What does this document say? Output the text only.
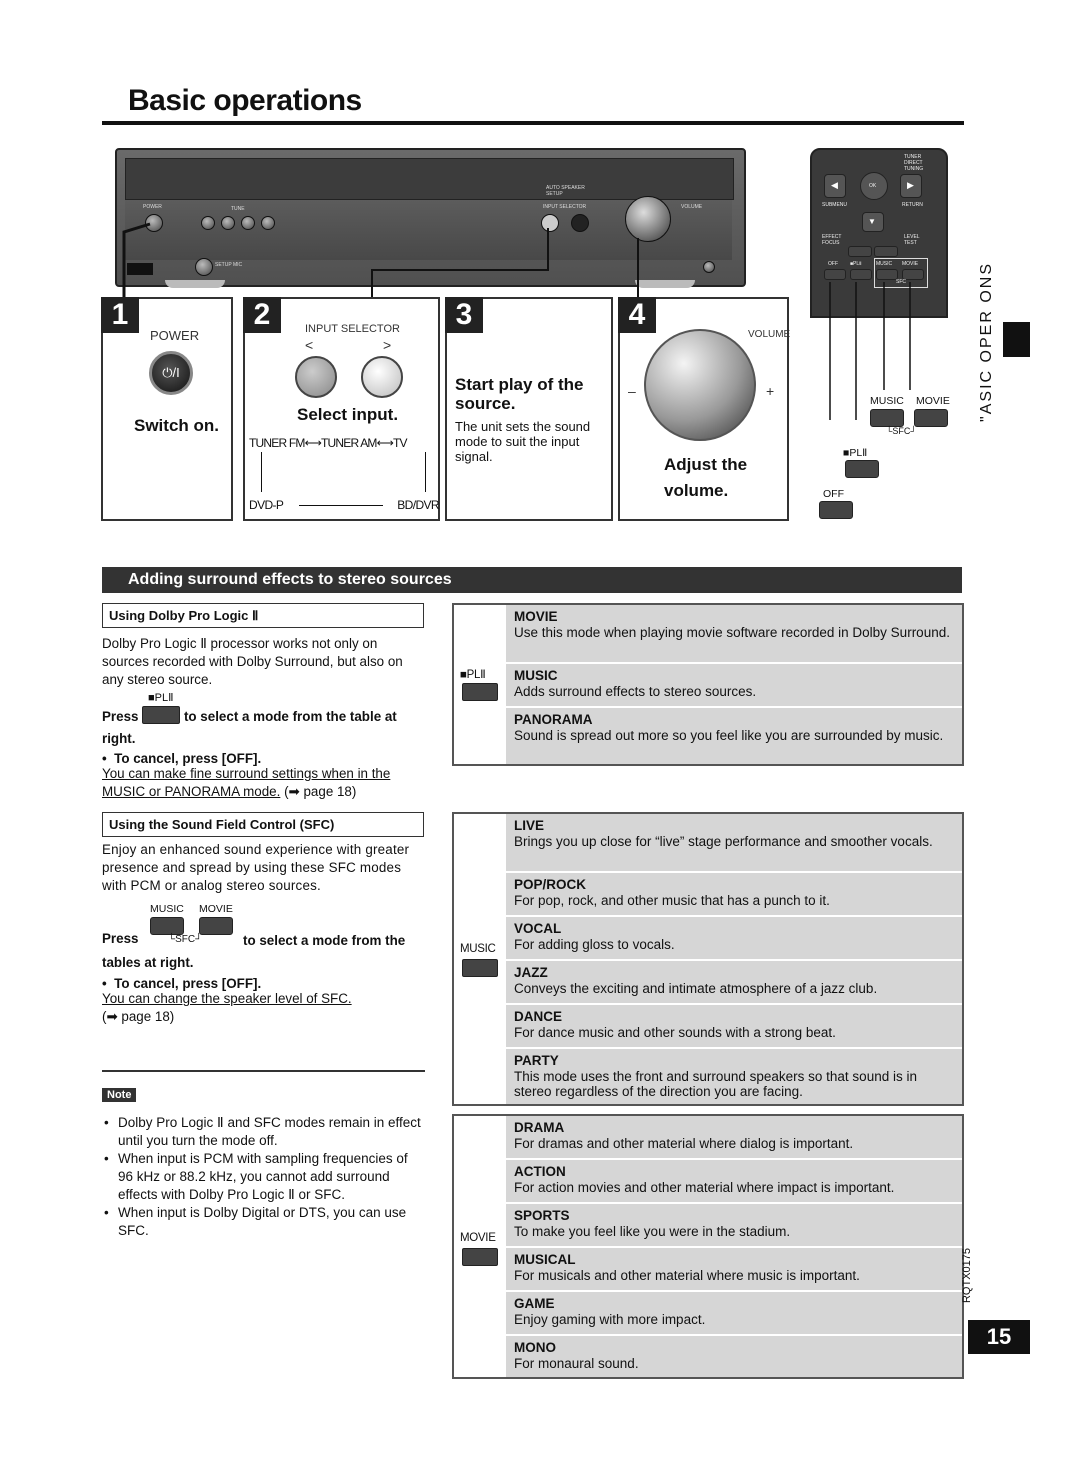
Basic operations
AUTO SPEAKER SETUP
POWER	TUNE	INPUT SELECTOR	VOLUME
SETUP MIC
1
POWER
⏻/I
Switch on.
2	INPUT SELECTOR
<	>
Select input.
TUNER FM⟷TUNER AM⟷TV
DVD-P	BD/DVR
3
Start play of the source.
The unit sets the sound mode to suit the input signal.
4
VOLUME
–	+
Adjust the
volume.
TUNER DIRECT TUNING
◀	OK	▶
SUBMENU	RETURN
▼
EFFECT FOCUS
LEVEL TEST
OFF ■PLⅡ	MUSIC MOVIE
SFC
MUSIC MOVIE
└SFC┘
■PLⅡ
OFF
"ASIC OPER ONS
Adding surround effects to stereo sources
Using Dolby Pro Logic Ⅱ
Dolby Pro Logic Ⅱ processor works not only on sources recorded with Dolby Surround, but also on any stereo source.
■PLⅡ
Press	to select a mode from the table at right.
•  To cancel, press [OFF].
You can make fine surround settings when in the MUSIC or PANORAMA mode. (➡ page 18)
Using the Sound Field Control (SFC)
Enjoy an enhanced sound experience with greater presence and spread by using these SFC modes with PCM or analog stereo sources.
MUSIC MOVIE
└SFC┘
Press	to select a mode from the tables at right.
•  To cancel, press [OFF].
You can change the speaker level of SFC.
(➡ page 18)
Note
• Dolby Pro Logic Ⅱ and SFC modes remain in effect until you turn the mode off.
• When input is PCM with sampling frequencies of 96 kHz or 88.2 kHz, you cannot add surround effects with Dolby Pro Logic Ⅱ or SFC.
• When input is Dolby Digital or DTS, you can use SFC.
■PLⅡ
MOVIE
Use this mode when playing movie software recorded in Dolby Surround.
MUSIC
Adds surround effects to stereo sources.
PANORAMA
Sound is spread out more so you feel like you are surrounded by music.
MUSIC
LIVE
Brings you up close for “live” stage performance and smoother vocals.
POP/ROCK
For pop, rock, and other music that has a punch to it.
VOCAL
For adding gloss to vocals.
JAZZ
Conveys the exciting and intimate atmosphere of a jazz club.
DANCE
For dance music and other sounds with a strong beat.
PARTY
This mode uses the front and surround speakers so that sound is in stereo regardless of the direction you are facing.
MOVIE
DRAMA
For dramas and other material where dialog is important.
ACTION
For action movies and other material where impact is important.
SPORTS
To make you feel like you were in the stadium.
MUSICAL
For musicals and other material where music is important.
GAME
Enjoy gaming with more impact.
MONO
For monaural sound.
RQTX0175
15
